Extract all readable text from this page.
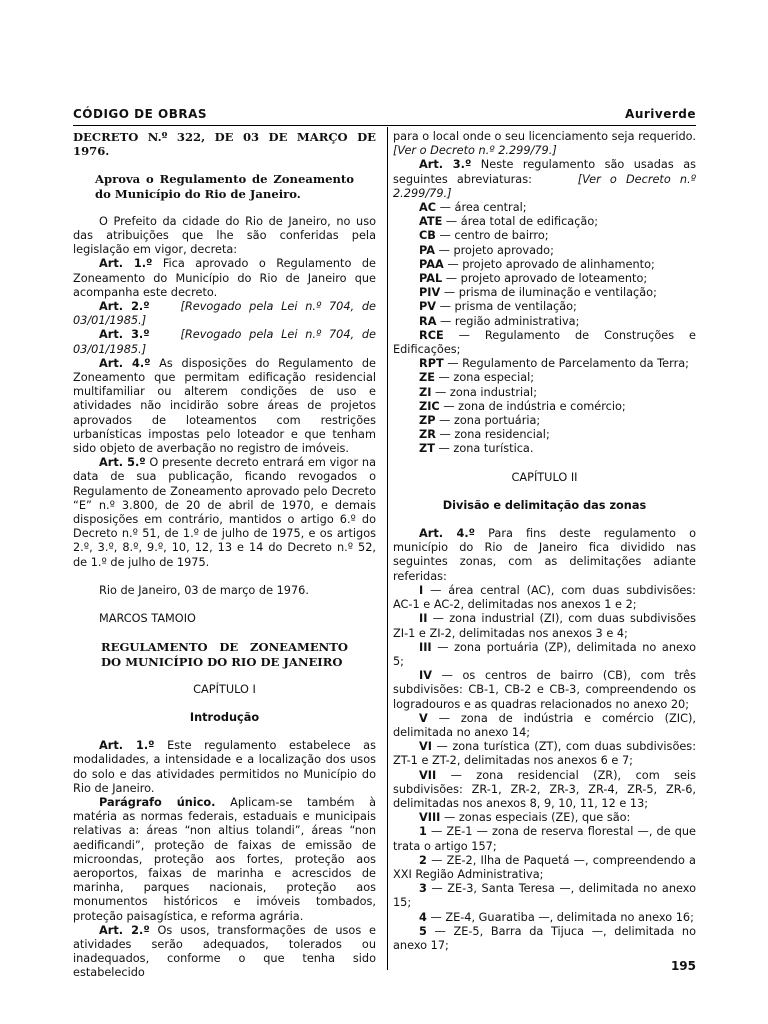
CÓDIGO DE OBRAS	Auriverde

DECRETO N.º 322, DE 03 DE MARÇO DE 1976.

Aprova o Regulamento de Zoneamento do Município do Rio de Janeiro.

O Prefeito da cidade do Rio de Janeiro, no uso das atribuições que lhe são conferidas pela legislação em vigor, decreta:

Art. 1.º Fica aprovado o Regulamento de Zoneamento do Município do Rio de Janeiro que acompanha este decreto.

Art. 2.º	[Revogado pela Lei n.º 704, de 03/01/1985.]

Art. 3.º	[Revogado pela Lei n.º 704, de 03/01/1985.]

Art. 4.º As disposições do Regulamento de Zoneamento que permitam edificação residencial multifamiliar ou alterem condições de uso e atividades não incidirão sobre áreas de projetos aprovados de loteamentos com restrições urbanísticas impostas pelo loteador e que tenham sido objeto de averbação no registro de imóveis.

Art. 5.º O presente decreto entrará em vigor na data de sua publicação, ficando revogados o Regulamento de Zoneamento aprovado pelo Decreto “E” n.º 3.800, de 20 de abril de 1970, e demais disposições em contrário, mantidos o artigo 6.º do Decreto n.º 51, de 1.º de julho de 1975, e os artigos 2.º, 3.º, 8.º, 9.º, 10, 12, 13 e 14 do Decreto n.º 52, de 1.º de julho de 1975.

Rio de Janeiro, 03 de março de 1976.

MARCOS TAMOIO

REGULAMENTO DE ZONEAMENTO DO MUNICÍPIO DO RIO DE JANEIRO

CAPÍTULO I

Introdução

Art. 1.º Este regulamento estabelece as modalidades, a intensidade e a localização dos usos do solo e das atividades permitidos no Município do Rio de Janeiro.

Parágrafo único. Aplicam-se também à matéria as normas federais, estaduais e municipais relativas a: áreas “non altius tolandi”, áreas “non aedificandi”, proteção de faixas de emissão de microondas, proteção aos fortes, proteção aos aeroportos, faixas de marinha e acrescidos de marinha, parques nacionais, proteção aos monumentos históricos e imóveis tombados, proteção paisagística, e reforma agrária.

Art. 2.º Os usos, transformações de usos e atividades serão adequados, tolerados ou inadequados, conforme o que tenha sido estabelecido

para o local onde o seu licenciamento seja requerido. [Ver o Decreto n.º 2.299/79.]

Art. 3.º Neste regulamento são usadas as seguintes abreviaturas:	[Ver o Decreto n.º 2.299/79.]

AC — área central;

ATE — área total de edificação;

CB — centro de bairro;

PA — projeto aprovado;

PAA — projeto aprovado de alinhamento;

PAL — projeto aprovado de loteamento;

PIV — prisma de iluminação e ventilação;

PV — prisma de ventilação;

RA — região administrativa;

RCE — Regulamento de Construções e Edificações;

RPT — Regulamento de Parcelamento da Terra;

ZE — zona especial;

ZI — zona industrial;

ZIC — zona de indústria e comércio;

ZP — zona portuária;

ZR — zona residencial;

ZT — zona turística.

CAPÍTULO II

Divisão e delimitação das zonas

Art. 4.º Para fins deste regulamento o município do Rio de Janeiro fica dividido nas seguintes zonas, com as delimitações adiante referidas:

I — área central (AC), com duas subdivisões: AC-1 e AC-2, delimitadas nos anexos 1 e 2;

II — zona industrial (ZI), com duas subdivisões ZI-1 e ZI-2, delimitadas nos anexos 3 e 4;

III — zona portuária (ZP), delimitada no anexo 5;

IV — os centros de bairro (CB), com três subdivisões: CB-1, CB-2 e CB-3, compreendendo os logradouros e as quadras relacionados no anexo 20;

V — zona de indústria e comércio (ZIC), delimitada no anexo 14;

VI — zona turística (ZT), com duas subdivisões: ZT-1 e ZT-2, delimitadas nos anexos 6 e 7;

VII — zona residencial (ZR), com seis subdivisões: ZR-1, ZR-2, ZR-3, ZR-4, ZR-5, ZR-6, delimitadas nos anexos 8, 9, 10, 11, 12 e 13;

VIII — zonas especiais (ZE), que são:

1 — ZE-1 — zona de reserva florestal —, de que trata o artigo 157;

2 — ZE-2, Ilha de Paquetá —, compreendendo a XXI Região Administrativa;

3 — ZE-3, Santa Teresa —, delimitada no anexo 15;

4 — ZE-4, Guaratiba —, delimitada no anexo 16;

5 — ZE-5, Barra da Tijuca —, delimitada no anexo 17;

195
